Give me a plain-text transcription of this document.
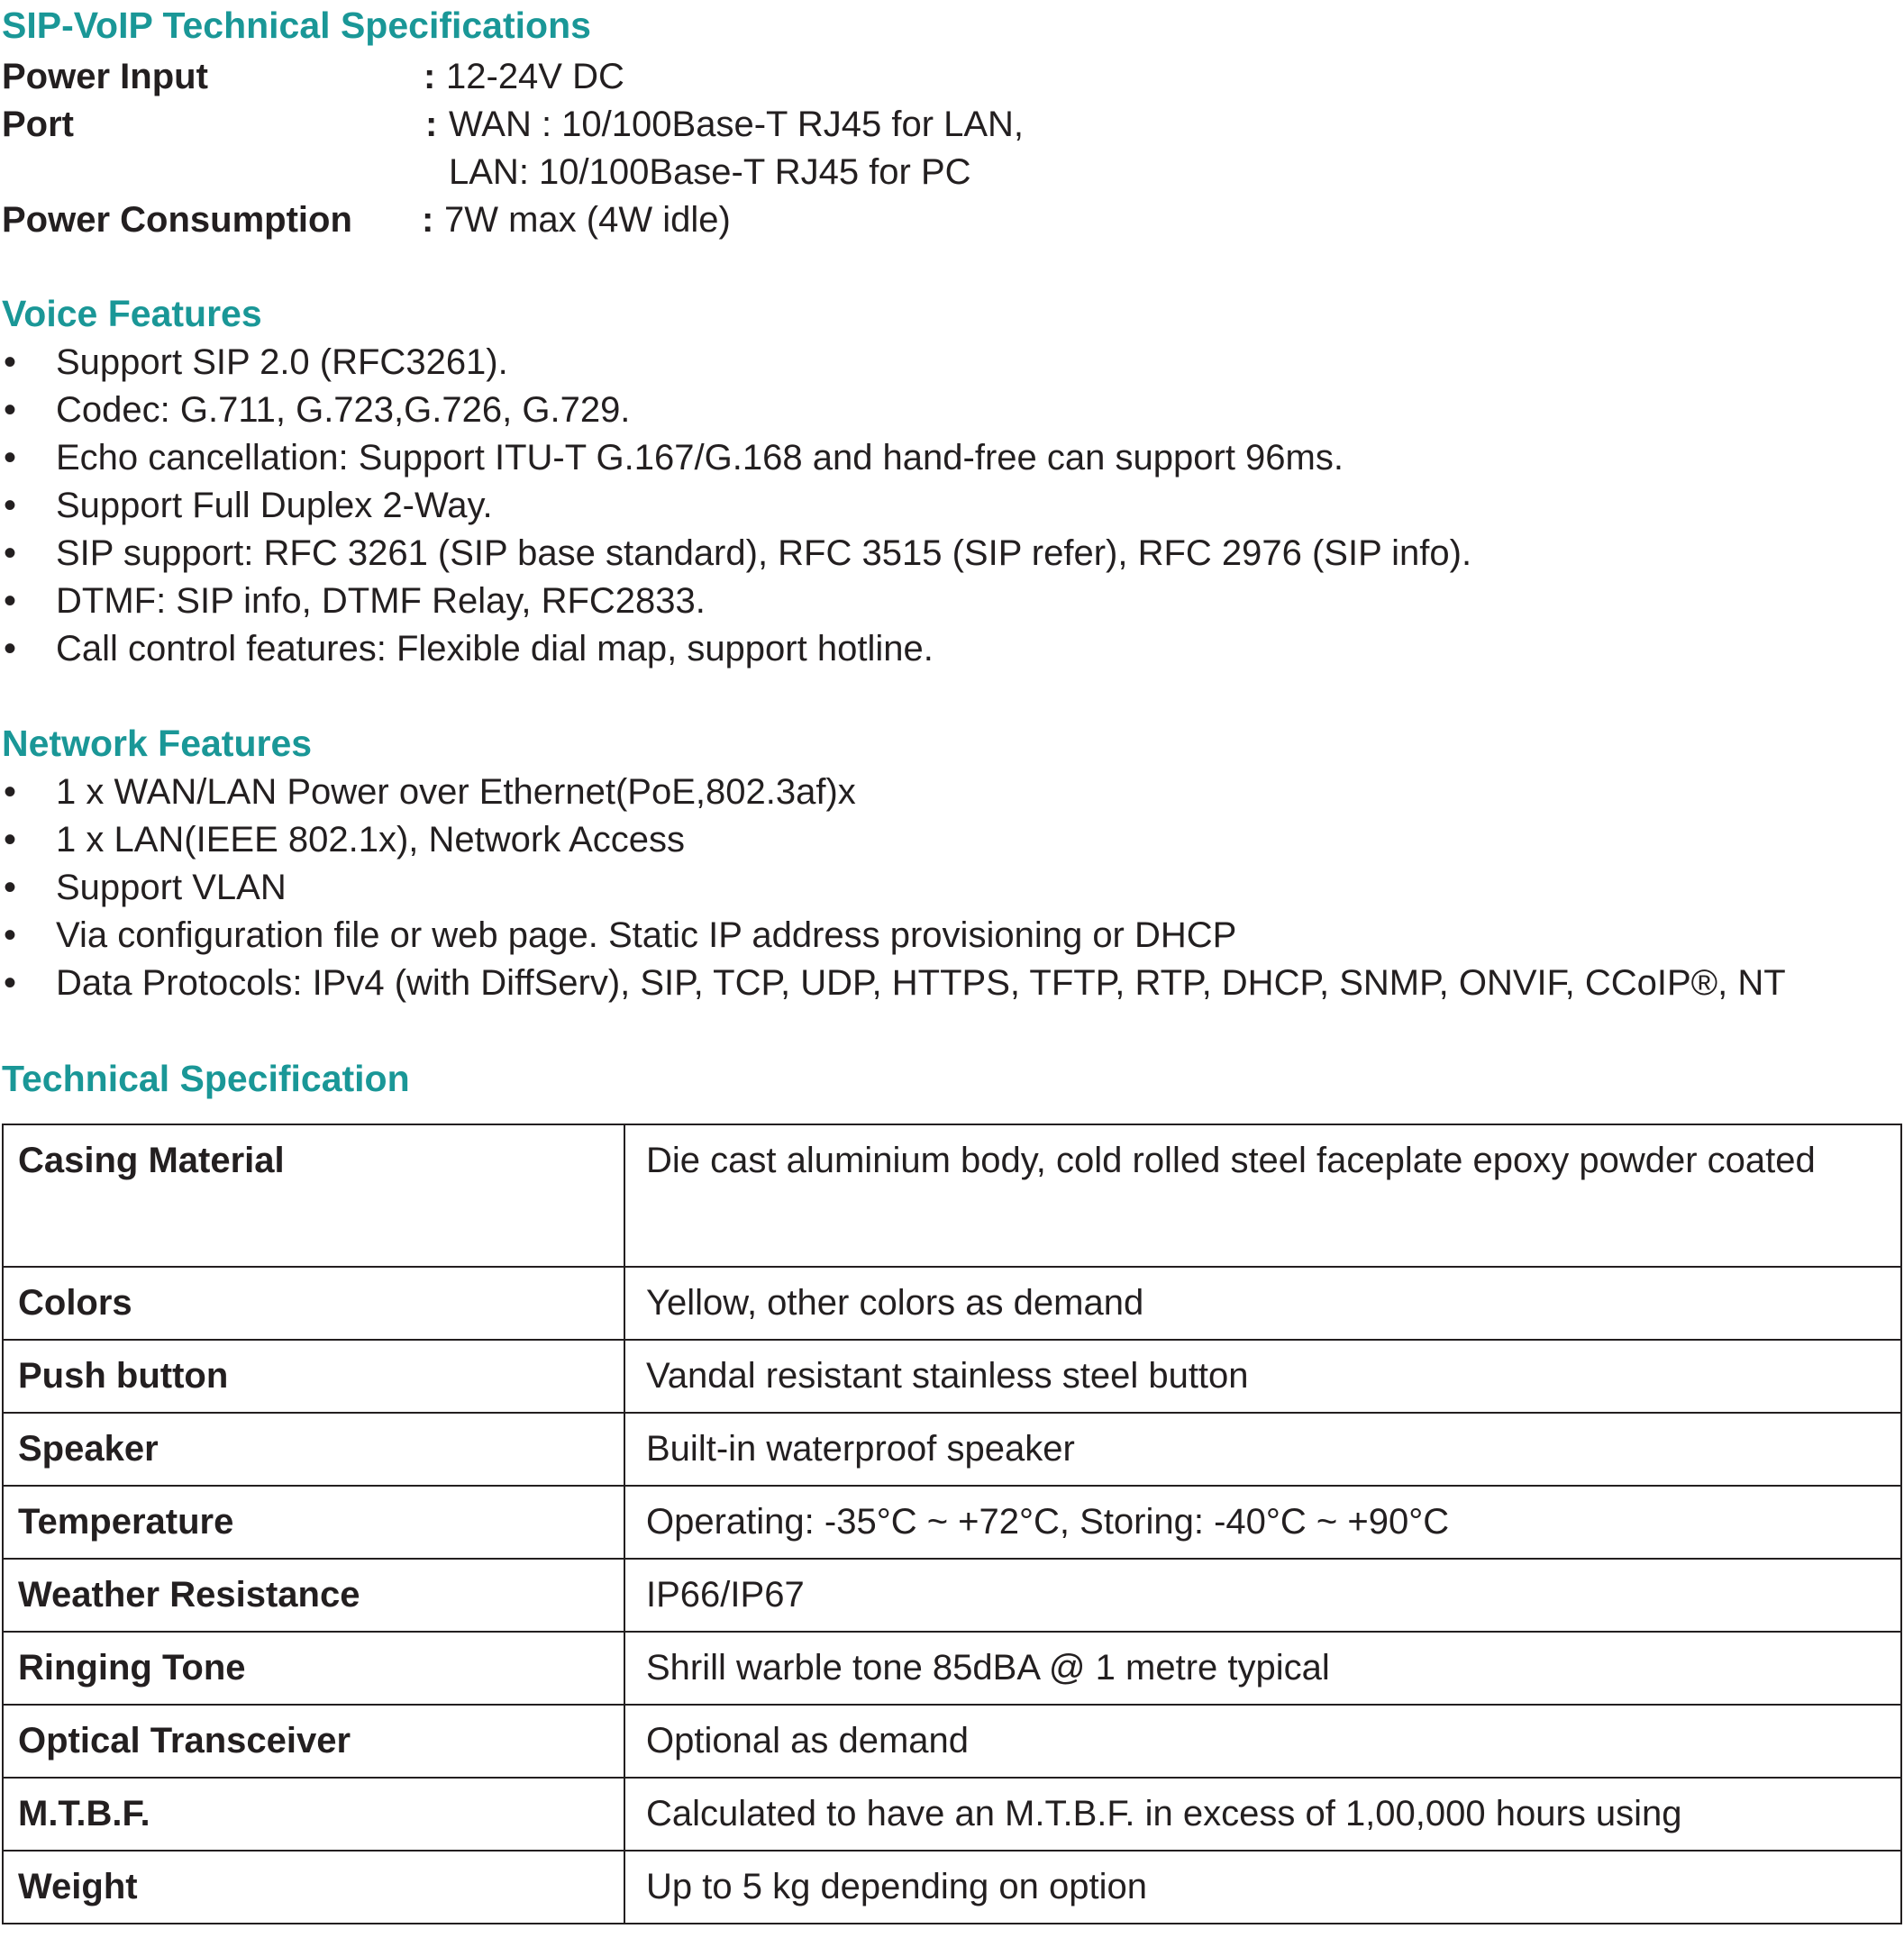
SIP-VoIP Technical Specifications
Power Input	: 12-24V DC
Port	: WAN : 10/100Base-T RJ45 for LAN,
LAN: 10/100Base-T RJ45 for PC
Power Consumption : 7W max (4W idle)
Voice Features
• Support SIP 2.0 (RFC3261).
• Codec: G.711, G.723,G.726, G.729.
• Echo cancellation: Support ITU-T G.167/G.168 and hand-free can support 96ms.
• Support Full Duplex 2-Way.
• SIP support: RFC 3261 (SIP base standard), RFC 3515 (SIP refer), RFC 2976 (SIP info).
• DTMF: SIP info, DTMF Relay, RFC2833.
• Call control features: Flexible dial map, support hotline.
Network Features
• 1 x WAN/LAN Power over Ethernet(PoE,802.3af)x
• 1 x LAN(IEEE 802.1x), Network Access
• Support VLAN
• Via configuration file or web page. Static IP address provisioning or DHCP
• Data Protocols: IPv4 (with DiffServ), SIP, TCP, UDP, HTTPS, TFTP, RTP, DHCP, SNMP, ONVIF, CCoIP®, NT
Technical Specification
Casing Material	Die cast aluminium body, cold rolled steel faceplate epoxy powder coated
Colors	Yellow, other colors as demand
Push button	Vandal resistant stainless steel button
Speaker	Built-in waterproof speaker
Temperature	Operating: -35°C ~ +72°C, Storing: -40°C ~ +90°C
Weather Resistance	IP66/IP67
Ringing Tone	Shrill warble tone 85dBA @ 1 metre typical
Optical Transceiver	Optional as demand
M.T.B.F.	Calculated to have an M.T.B.F. in excess of 1,00,000 hours using
Weight	Up to 5 kg depending on option
